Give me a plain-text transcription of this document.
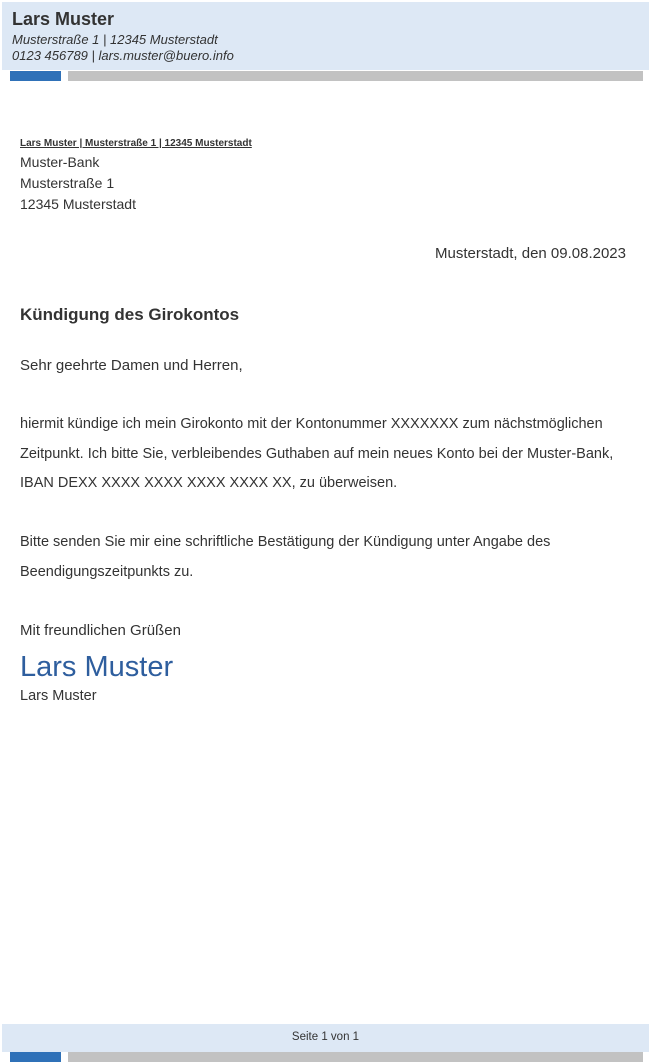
Lars Muster
Musterstraße 1 | 12345 Musterstadt
0123 456789 | lars.muster@buero.info
Lars Muster | Musterstraße 1 | 12345 Musterstadt
Muster-Bank
Musterstraße 1
12345 Musterstadt
Musterstadt, den 09.08.2023
Kündigung des Girokontos
Sehr geehrte Damen und Herren,
hiermit kündige ich mein Girokonto mit der Kontonummer XXXXXXX zum nächstmöglichen Zeitpunkt. Ich bitte Sie, verbleibendes Guthaben auf mein neues Konto bei der Muster-Bank, IBAN DEXX XXXX XXXX XXXX XXXX XX, zu überweisen.
Bitte senden Sie mir eine schriftliche Bestätigung der Kündigung unter Angabe des Beendigungszeitpunkts zu.
Mit freundlichen Grüßen
Lars Muster
Lars Muster
Seite 1 von 1
